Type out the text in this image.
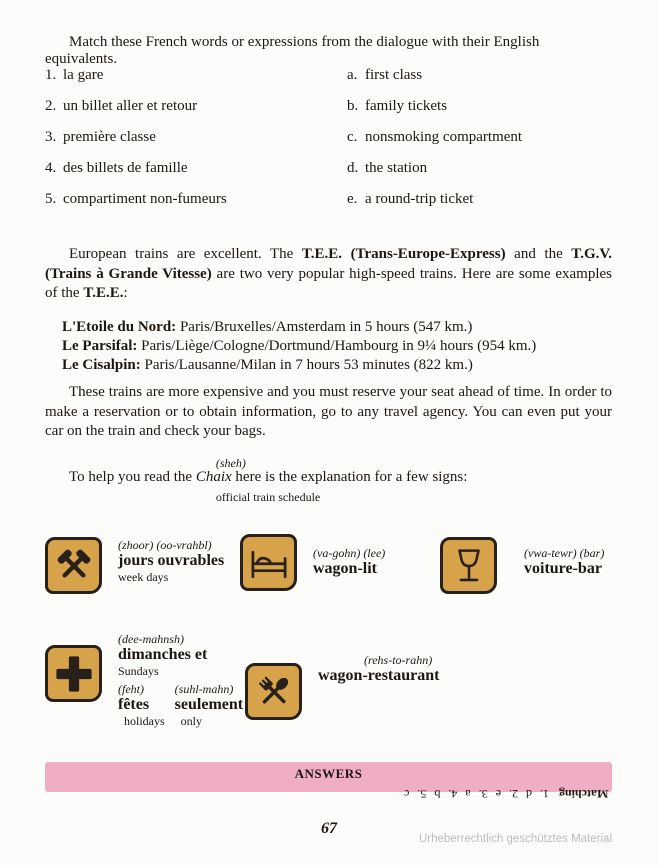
Match these French words or expressions from the dialogue with their English equivalents.

1. la gare	a. first class
2. un billet aller et retour	b. family tickets
3. première classe	c. nonsmoking compartment
4. des billets de famille	d. the station
5. compartiment non-fumeurs	e. a round-trip ticket

European trains are excellent. The T.E.E. (Trans-Europe-Express) and the T.G.V. (Trains à Grande Vitesse) are two very popular high-speed trains. Here are some examples of the T.E.E.:

L'Etoile du Nord: Paris/Bruxelles/Amsterdam in 5 hours (547 km.)

Le Parsifal: Paris/Liège/Cologne/Dortmund/Hambourg in 9¼ hours (954 km.)

Le Cisalpin: Paris/Lausanne/Milan in 7 hours 53 minutes (822 km.)

These trains are more expensive and you must reserve your seat ahead of time. In order to make a reservation or to obtain information, go to any travel agency. You can even put your car on the train and check your bags.

To help you read the Chaix
(sheh)
official train schedule
here is the explanation for a few signs:

(zhoor) (oo-vrahbl)
jours ouvrables
week days
(va-gohn) (lee)
wagon-lit
(vwa-tewr) (bar)
voiture-bar
(dee-mahnsh)
dimanches et
Sundays
(feht)
fêtes
holidays
(suhl-mahn)
seulement
only
(rehs-to-rahn)
wagon-restaurant
ANSWERS
Matching1. d 2. e 3. a 4. b 5. c
67
Urheberrechtlich geschütztes Material
